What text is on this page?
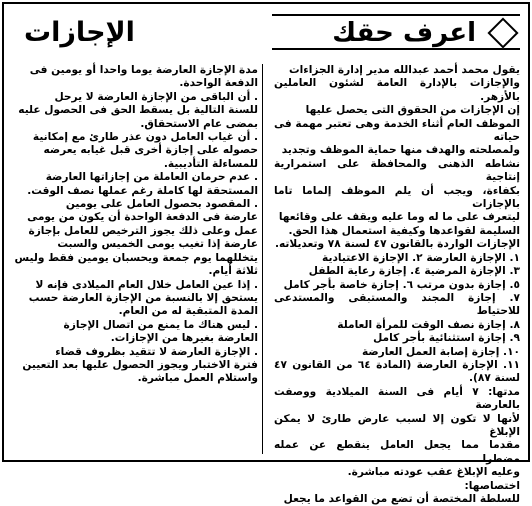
اعرف حقك
الإجازات

يقول محمد أحمد عبدالله مدير إدارة الجزاءات

والإجازات بالإدارة العامة لشئون العاملين بالأزهر.

إن الإجازات من الحقوق التى يحصل عليها

الموظف العام أثناء الخدمة وهى تعتبر مهمة فى حياته

ولمصلحته والهدف منها حماية الموظف وتجديد

نشاطه الذهنى والمحافظة على استمرارية إنتاجية

بكفاءة، ويجب أن يلم الموظف إلماما تاما بالإجازات

ليتعرف على ما له وما عليه ويقف على وقائعها

السليمة لقواعدها وكيفية استعمال هذا الحق.

الإجازات الواردة بالقانون ٤٧ لسنة ٧٨ وتعديلاته.

١. الإجازة العارضة ٢. الإجازة الاعتيادية

٣. الإجازة المرضية ٤. إجازة رعاية الطفل

٥. إجازة بدون مرتب ٦. إجازة خاصة بأجر كامل

٧. إجازة المجند والمستبقى والمستدعى للاحتياط

٨. إجازة نصف الوقت للمرأة العاملة

٩. إجازة استثنائية بأجر كامل

١٠. إجازة إصابة العمل العارضة

١١. الإجازة العارضة (المادة ٦٤ من القانون ٤٧ لسنة ٨٧).

مدتها: ٧ أيام فى السنة الميلادية ووصفت بالعارضة

لأنها لا تكون إلا لسبب عارض طارئ لا يمكن الإبلاغ

مقدما مما يجعل العامل ينقطع عن عمله مضطرا

وعليه الإبلاغ عقب عودته مباشرة.

اختصاصها:

للسلطة المختصة أن تضع من القواعد ما يجعل

مدة الإجازة العارضة يوما واحدا أو يومين فى

الدفعة الواحدة.

. أن الباقى من الإجازة العارضة لا يرحل

للسنة التالية بل يسقط الحق فى الحصول عليه

بمضى عام الاستحقاق.

. أن غياب العامل دون عذر طارئ مع إمكانية

حصوله على إجازة أخرى قبل غيابه يعرضه

للمساءلة التأديبية.

. عدم حرمان العاملة من إجازاتها العارضة

المستحقة لها كاملة رغم عملها نصف الوقت.

. المقصود بحصول العامل على يومين

عارضة فى الدفعة الواحدة أن يكون من يومى

عمل وعلى ذلك يجوز الترخيص للعامل بإجازة

عارضة إذا تغيب يومى الخميس والسبت

يتخللهما يوم جمعة ويحسبان يومين فقط وليس

ثلاثة أيام.

. إذا عين العامل خلال العام الميلادى فإنه لا

يستحق إلا بالنسبة من الإجازة العارضة حسب

المدة المتبقية له من العام.

. ليس هناك ما يمنع من اتصال الإجازة

العارضة بغيرها من الإجازات.

. الإجازة العارضة لا تتقيد بظروف قضاء

فترة الاختبار ويجوز الحصول عليها بعد التعيين

واستلام العمل مباشرة.
